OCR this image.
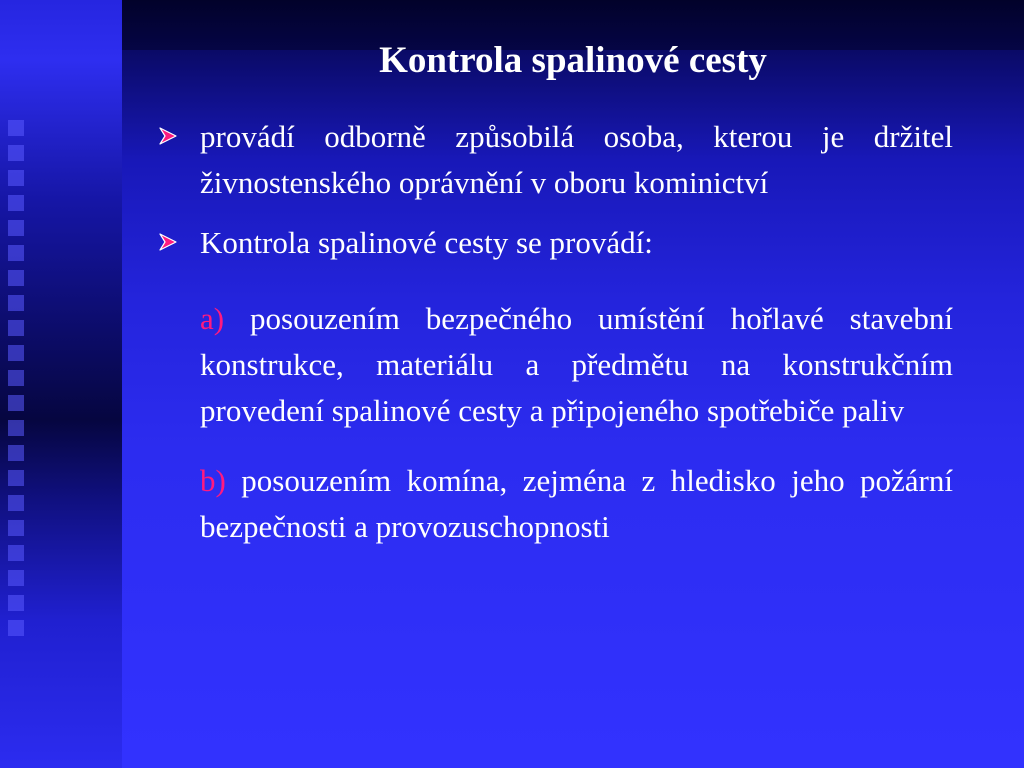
Kontrola spalinové cesty
provádí odborně způsobilá osoba, kterou je držitel živnostenského oprávnění v oboru kominictví
Kontrola spalinové cesty se provádí:
a) posouzením bezpečného umístění hořlavé stavební konstrukce, materiálu a předmětu na konstrukčním provedení spalinové cesty a připojeného spotřebiče paliv
b) posouzením komína, zejména z hledisko jeho požární bezpečnosti a provozuschopnosti
